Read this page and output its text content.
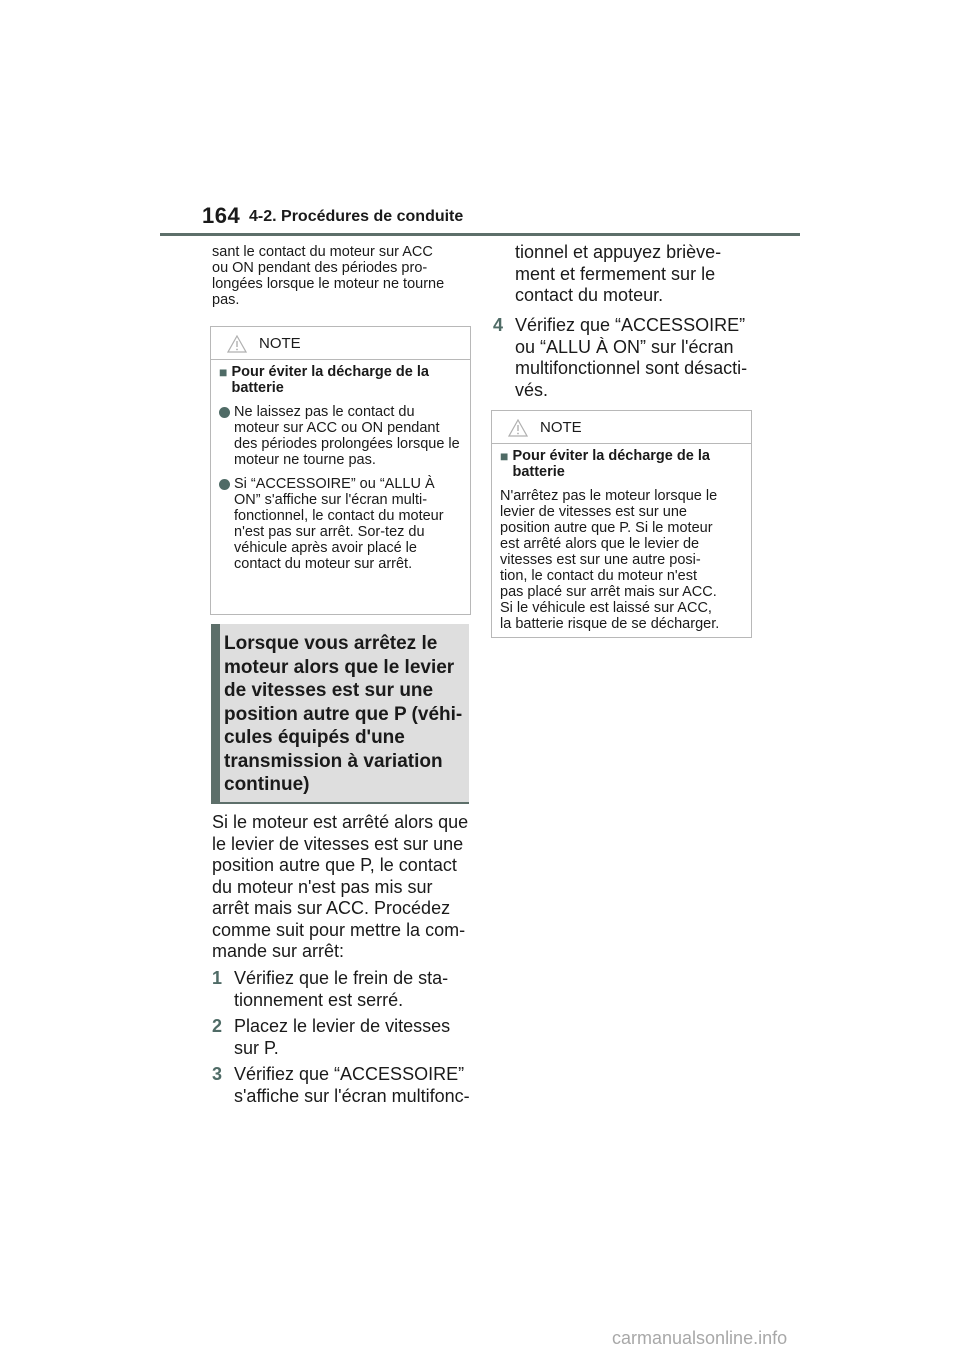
164 4-2. Procédures de conduite
sant le contact du moteur sur ACC
ou ON pendant des périodes pro-
longées lorsque le moteur ne tourne
pas.
NOTE
■ Pour éviter la décharge de la batterie
Ne laissez pas le contact du moteur sur ACC ou ON pendant des périodes prolongées lorsque le moteur ne tourne pas.
Si “ACCESSOIRE” ou “ALLU À ON” s'affiche sur l'écran multi-fonctionnel, le contact du moteur n'est pas sur arrêt. Sor-tez du véhicule après avoir placé le contact du moteur sur arrêt.
Lorsque vous arrêtez le moteur alors que le levier de vitesses est sur une position autre que P (véhi-cules équipés d'une transmission à variation continue)
Si le moteur est arrêté alors que
le levier de vitesses est sur une
position autre que P, le contact
du moteur n'est pas mis sur
arrêt mais sur ACC. Procédez
comme suit pour mettre la com-
mande sur arrêt:
1 Vérifiez que le frein de sta-
tionnement est serré.
2 Placez le levier de vitesses
sur P.
3 Vérifiez que “ACCESSOIRE”
s'affiche sur l'écran multifonc-
tionnel et appuyez briève-
ment et fermement sur le
contact du moteur.
4 Vérifiez que “ACCESSOIRE”
ou “ALLU À ON” sur l'écran
multifonctionnel sont désacti-
vés.
NOTE
■ Pour éviter la décharge de la batterie
N'arrêtez pas le moteur lorsque le
levier de vitesses est sur une
position autre que P. Si le moteur
est arrêté alors que le levier de
vitesses est sur une autre posi-
tion, le contact du moteur n'est
pas placé sur arrêt mais sur ACC.
Si le véhicule est laissé sur ACC,
la batterie risque de se décharger.
carmanualsonline.info
